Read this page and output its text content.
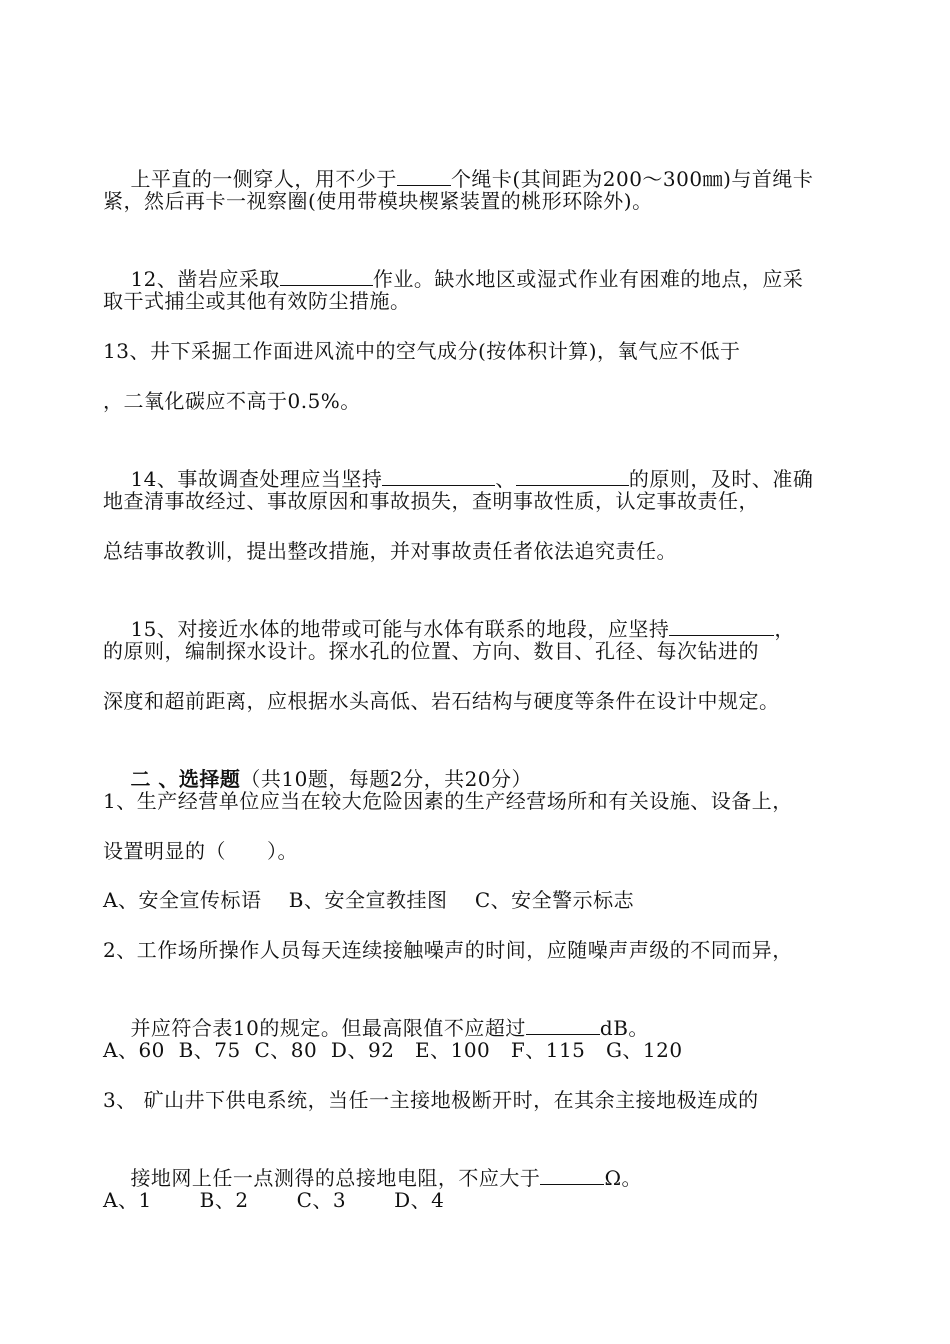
上平直的一侧穿人，用不少于	个绳卡(其间距为200～300㎜)与首绳卡

紧，然后再卡一视察圈(使用带模块楔紧装置的桃形环除外)。

12、凿岩应采取	作业。缺水地区或湿式作业有困难的地点，应采

取干式捕尘或其他有效防尘措施。
13、井下采掘工作面进风流中的空气成分(按体积计算)，氧气应不低于
，二氧化碳应不高于0.5%。

14、事故调查处理应当坚持	、	的原则，及时、准确

地查清事故经过、事故原因和事故损失，查明事故性质，认定事故责任，
总结事故教训，提出整改措施，并对事故责任者依法追究责任。

15、对接近水体的地带或可能与水体有联系的地段，应坚持	，

的原则，编制探水设计。探水孔的位置、方向、数目、孔径、每次钻进的
深度和超前距离，应根据水头高低、岩石结构与硬度等条件在设计中规定。

二 、选择题（共10题，每题2分，共20分）

1、生产经营单位应当在较大危险因素的生产经营场所和有关设施、设备上，
设置明显的（　　）。
A、安全宣传标语　 B、安全宣教挂图　 C、安全警示标志
2、工作场所操作人员每天连续接触噪声的时间，应随噪声声级的不同而异，

并应符合表10的规定。但最高限值不应超过	dB。

A、60  B、75  C、80  D、92   E、100   F、115   G、120
3、 矿山井下供电系统，当任一主接地极断开时，在其余主接地极连成的

接地网上任一点测得的总接地电阻，不应大于	Ω。

A、1       B、2       C、3       D、4
